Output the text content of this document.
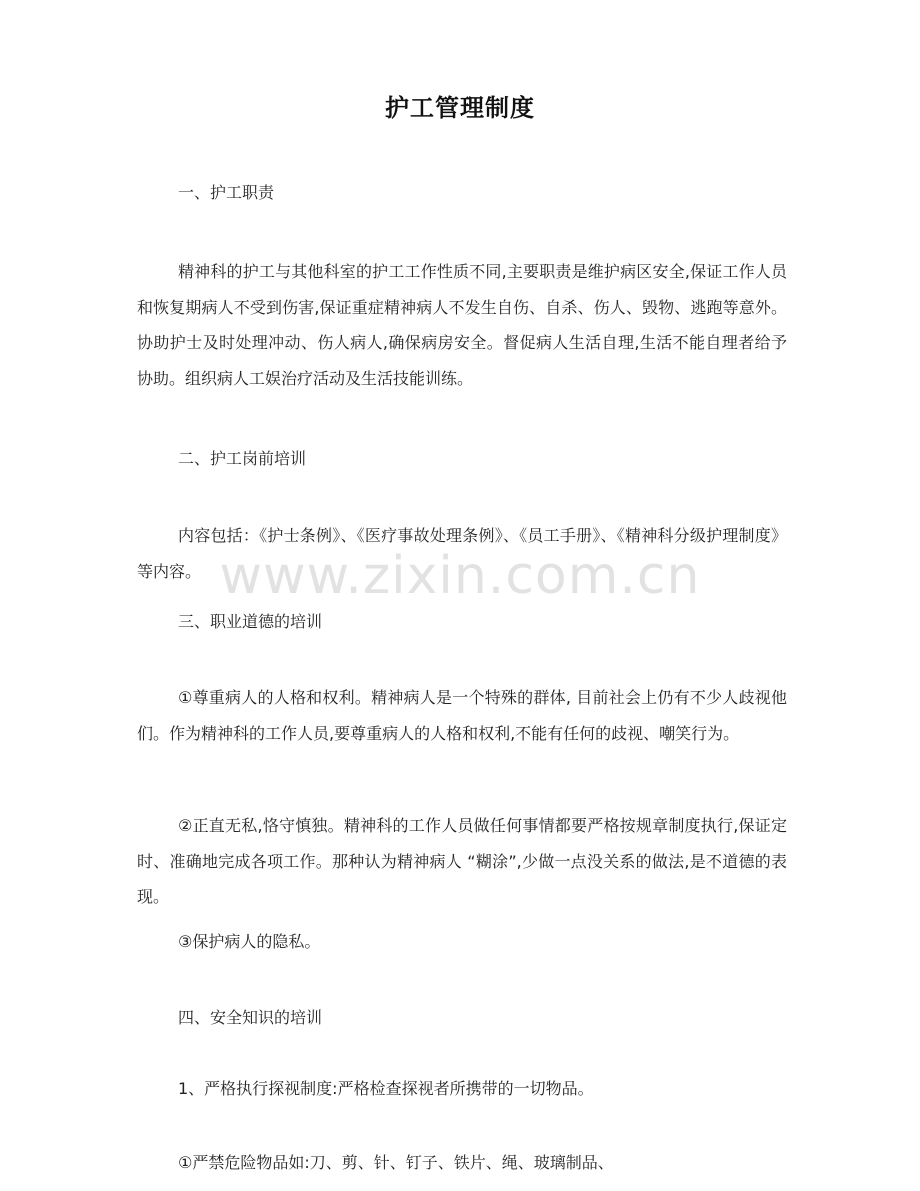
www.zixin.com.cn
护工管理制度
一、护工职责
精神科的护工与其他科室的护工工作性质不同,主要职责是维护病区安全,保证工作人员和恢复期病人不受到伤害,保证重症精神病人不发生自伤、自杀、伤人、毁物、逃跑等意外。协助护士及时处理冲动、伤人病人,确保病房安全。督促病人生活自理,生活不能自理者给予协助。组织病人工娱治疗活动及生活技能训练。
二、护工岗前培训
内容包括：《护士条例》、《医疗事故处理条例》、《员工手册》、《精神科分级护理制度》等内容。
三、职业道德的培训
①尊重病人的人格和权利。精神病人是一个特殊的群体, 目前社会上仍有不少人歧视他们。作为精神科的工作人员,要尊重病人的人格和权利,不能有任何的歧视、嘲笑行为。
②正直无私,恪守慎独。精神科的工作人员做任何事情都要严格按规章制度执行,保证定时、准确地完成各项工作。那种认为精神病人 “糊涂”,少做一点没关系的做法,是不道德的表现。
③保护病人的隐私。
四、安全知识的培训
1、严格执行探视制度:严格检查探视者所携带的一切物品。
①严禁危险物品如:刀、剪、针、钉子、铁片、绳、玻璃制品、
